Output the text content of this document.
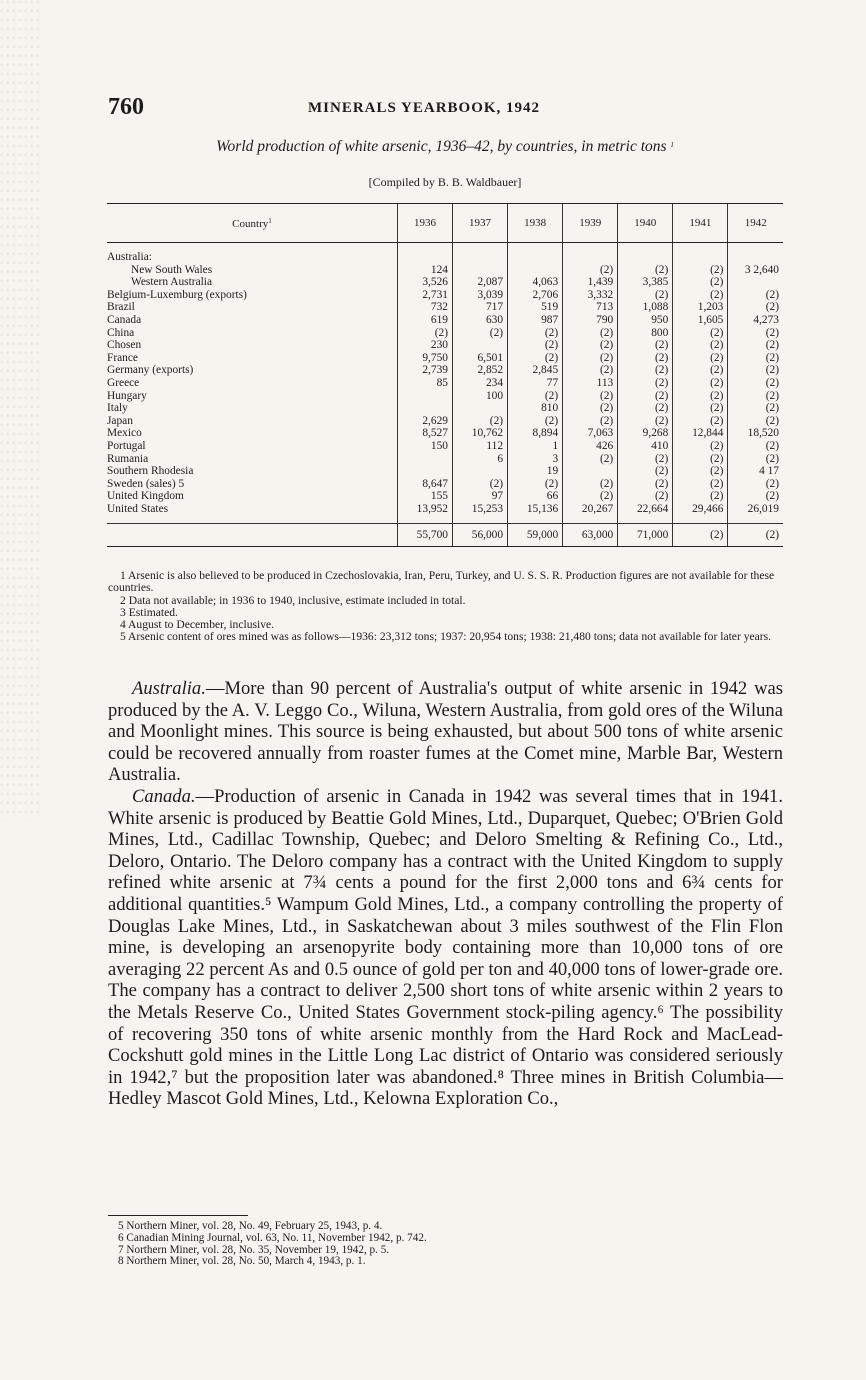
760	MINERALS YEARBOOK, 1942
World production of white arsenic, 1936–42, by countries, in metric tons $^1$
[Compiled by B. B. Waldbauer]
Country$^1$	1936	1937	1938	1939	1940	1941	1942

Australia:							
New South Wales	124			(2)	(2)	(2)	3 2,640
Western Australia	3,526	2,087	4,063	1,439	3,385	(2)	
Belgium-Luxemburg (exports)	2,731	3,039	2,706	3,332	(2)	(2)	(2)
Brazil	732	717	519	713	1,088	1,203	(2)
Canada	619	630	987	790	950	1,605	4,273
China	(2)	(2)	(2)	(2)	800	(2)	(2)
Chosen	230		(2)	(2)	(2)	(2)	(2)
France	9,750	6,501	(2)	(2)	(2)	(2)	(2)
Germany (exports)	2,739	2,852	2,845	(2)	(2)	(2)	(2)
Greece	85	234	77	113	(2)	(2)	(2)
Hungary		100	(2)	(2)	(2)	(2)	(2)
Italy			810	(2)	(2)	(2)	(2)
Japan	2,629	(2)	(2)	(2)	(2)	(2)	(2)
Mexico	8,527	10,762	8,894	7,063	9,268	12,844	18,520
Portugal	150	112	1	426	410	(2)	(2)
Rumania		6	3	(2)	(2)	(2)	(2)
Southern Rhodesia			19		(2)	(2)	4 17
Sweden (sales) 5	8,647	(2)	(2)	(2)	(2)	(2)	(2)
United Kingdom	155	97	66	(2)	(2)	(2)	(2)
United States	13,952	15,253	15,136	20,267	22,664	29,466	26,019

	55,700	56,000	59,000	63,000	71,000	(2)	(2)

1 Arsenic is also believed to be produced in Czechoslovakia, Iran, Peru, Turkey, and U. S. S. R. Production figures are not available for these countries.

2 Data not available; in 1936 to 1940, inclusive, estimate included in total.

3 Estimated.

4 August to December, inclusive.

5 Arsenic content of ores mined was as follows—1936: 23,312 tons; 1937: 20,954 tons; 1938: 21,480 tons; data not available for later years.

Australia.—More than 90 percent of Australia's output of white arsenic in 1942 was produced by the A. V. Leggo Co., Wiluna, Western Australia, from gold ores of the Wiluna and Moonlight mines. This source is being exhausted, but about 500 tons of white arsenic could be recovered annually from roaster fumes at the Comet mine, Marble Bar, Western Australia.

Canada.—Production of arsenic in Canada in 1942 was several times that in 1941. White arsenic is produced by Beattie Gold Mines, Ltd., Duparquet, Quebec; O'Brien Gold Mines, Ltd., Cadillac Township, Quebec; and Deloro Smelting & Refining Co., Ltd., Deloro, Ontario. The Deloro company has a contract with the United Kingdom to supply refined white arsenic at 7¾ cents a pound for the first 2,000 tons and 6¾ cents for additional quantities.⁵ Wampum Gold Mines, Ltd., a company controlling the property of Douglas Lake Mines, Ltd., in Saskatchewan about 3 miles southwest of the Flin Flon mine, is developing an arsenopyrite body containing more than 10,000 tons of ore averaging 22 percent As and 0.5 ounce of gold per ton and 40,000 tons of lower-grade ore. The company has a contract to deliver 2,500 short tons of white arsenic within 2 years to the Metals Reserve Co., United States Government stock-piling agency.⁶ The possibility of recovering 350 tons of white arsenic monthly from the Hard Rock and MacLead-Cockshutt gold mines in the Little Long Lac district of Ontario was considered seriously in 1942,⁷ but the proposition later was abandoned.⁸ Three mines in British Columbia—Hedley Mascot Gold Mines, Ltd., Kelowna Exploration Co.,

5 Northern Miner, vol. 28, No. 49, February 25, 1943, p. 4.

6 Canadian Mining Journal, vol. 63, No. 11, November 1942, p. 742.

7 Northern Miner, vol. 28, No. 35, November 19, 1942, p. 5.

8 Northern Miner, vol. 28, No. 50, March 4, 1943, p. 1.
